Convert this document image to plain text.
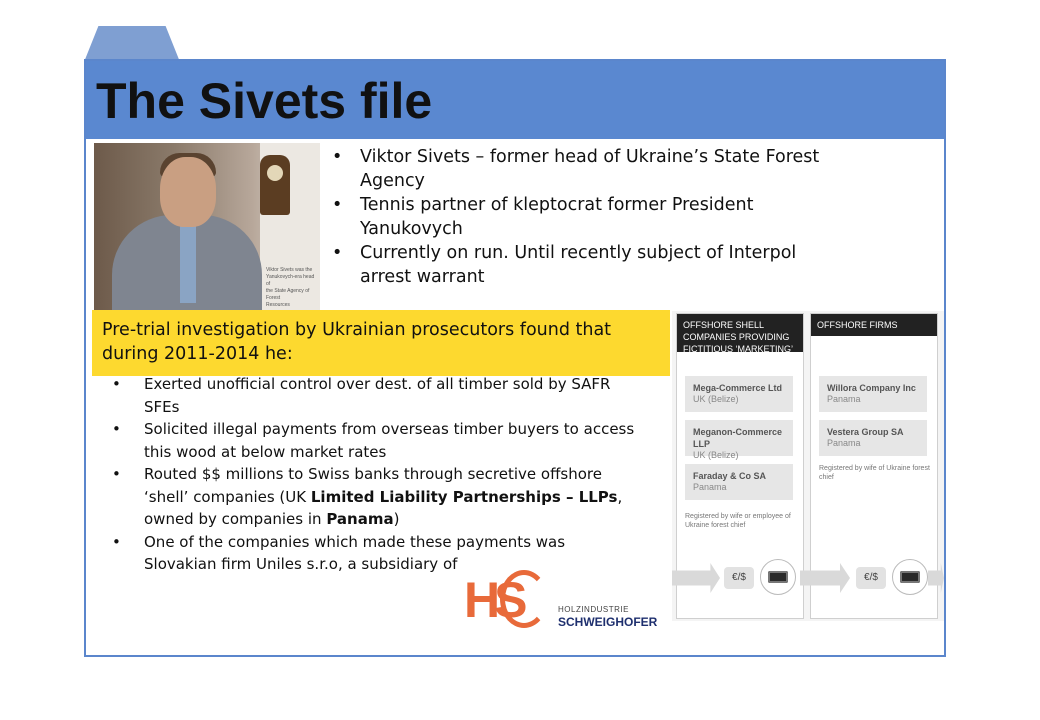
The Sivets file
Viktor Sivets was the
Yanukovych-era head of
the State Agency of Forest
Resources
• Viktor Sivets – former head of Ukraine’s State Forest Agency
• Tennis partner of kleptocrat former President Yanukovych
• Currently on run. Until recently subject of Interpol arrest warrant
Pre-trial investigation by Ukrainian prosecutors found that during 2011-2014 he:
• Exerted unofficial control over dest. of all timber sold by SAFR SFEs
• Solicited illegal payments from overseas timber buyers to access this wood at below market rates
• Routed $$ millions to Swiss banks through secretive offshore ‘shell’ companies (UK Limited Liability Partnerships – LLPs, owned by companies in Panama)
• One of the companies which made these payments was Slovakian firm Uniles s.r.o, a subsidiary of
HS	HOLZINDUSTRIE
SCHWEIGHOFER
OFFSHORE SHELL COMPANIES PROVIDING FICTITIOUS ‘MARKETING’ SERVICES
Mega-Commerce Ltd
UK (Belize)
Meganon-Commerce LLP
UK (Belize)
Faraday & Co SA
Panama
Registered by wife or employee of Ukraine forest chief
OFFSHORE FIRMS
Willora Company Inc
Panama
Vestera Group SA
Panama
Registered by wife of Ukraine forest chief
€/$	€/$
